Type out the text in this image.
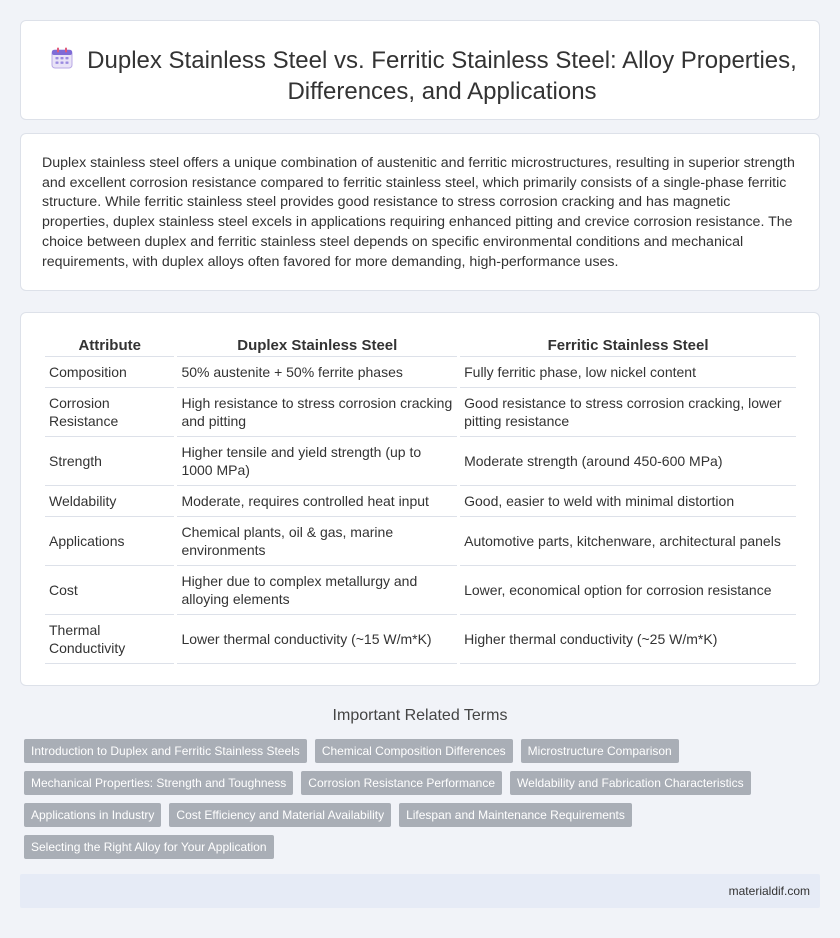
Duplex Stainless Steel vs. Ferritic Stainless Steel: Alloy Properties, Differences, and Applications

Duplex stainless steel offers a unique combination of austenitic and ferritic microstructures, resulting in superior strength and excellent corrosion resistance compared to ferritic stainless steel, which primarily consists of a single-phase ferritic structure. While ferritic stainless steel provides good resistance to stress corrosion cracking and has magnetic properties, duplex stainless steel excels in applications requiring enhanced pitting and crevice corrosion resistance. The choice between duplex and ferritic stainless steel depends on specific environmental conditions and mechanical requirements, with duplex alloys often favored for more demanding, high-performance uses.

Attribute	Duplex Stainless Steel	Ferritic Stainless Steel
Composition	50% austenite + 50% ferrite phases	Fully ferritic phase, low nickel content
Corrosion Resistance	High resistance to stress corrosion cracking and pitting	Good resistance to stress corrosion cracking, lower pitting resistance
Strength	Higher tensile and yield strength (up to 1000 MPa)	Moderate strength (around 450-600 MPa)
Weldability	Moderate, requires controlled heat input	Good, easier to weld with minimal distortion
Applications	Chemical plants, oil & gas, marine environments	Automotive parts, kitchenware, architectural panels
Cost	Higher due to complex metallurgy and alloying elements	Lower, economical option for corrosion resistance
Thermal Conductivity	Lower thermal conductivity (~15 W/m*K)	Higher thermal conductivity (~25 W/m*K)
Important Related Terms
Introduction to Duplex and Ferritic Stainless Steels	Chemical Composition Differences	Microstructure Comparison
Mechanical Properties: Strength and Toughness	Corrosion Resistance Performance	Weldability and Fabrication Characteristics
Applications in Industry	Cost Efficiency and Material Availability	Lifespan and Maintenance Requirements
Selecting the Right Alloy for Your Application
materialdif.com
